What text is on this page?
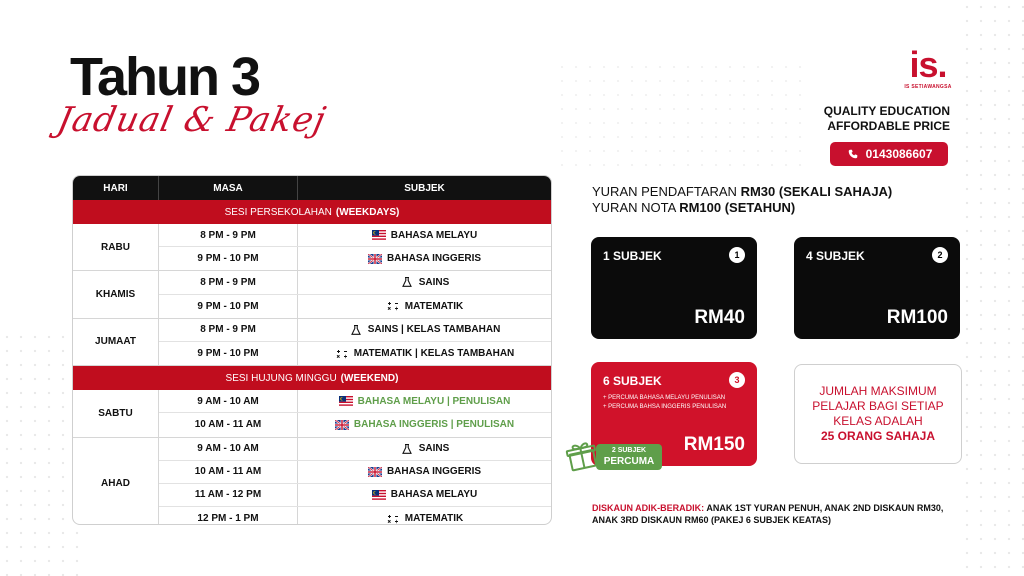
Tahun 3
Jadual & Pakej
is.
IS SETIAWANGSA
QUALITY EDUCATION
AFFORDABLE PRICE
0143086607
HARI	MASA	SUBJEK
SESI PERSEKOLAHAN (WEEKDAYS)
RABU
8 PM - 9 PM	BAHASA MELAYU
9 PM - 10 PM	BAHASA INGGERIS
KHAMIS
8 PM - 9 PM	SAINS
9 PM - 10 PM	MATEMATIK
JUMAAT
8 PM - 9 PM	SAINS | KELAS TAMBAHAN
9 PM - 10 PM	MATEMATIK | KELAS TAMBAHAN
SESI HUJUNG MINGGU (WEEKEND)
SABTU
9 AM - 10 AM	BAHASA MELAYU | PENULISAN
10 AM - 11 AM	BAHASA INGGERIS | PENULISAN
AHAD
9 AM - 10 AM	SAINS
10 AM - 11 AM	BAHASA INGGERIS
11 AM - 12 PM	BAHASA MELAYU
12 PM - 1 PM	MATEMATIK
YURAN PENDAFTARAN RM30 (SEKALI SAHAJA)
YURAN NOTA RM100 (SETAHUN)
1 SUBJEK	1
RM40
4 SUBJEK	2
RM100
6 SUBJEK	3
+ PERCUMA BAHASA MELAYU PENULISAN
+ PERCUMA BAHSA INGGERIS PENULISAN
RM150
2 SUBJEK
PERCUMA
JUMLAH MAKSIMUM
PELAJAR BAGI SETIAP
KELAS ADALAH
25 ORANG SAHAJA
DISKAUN ADIK-BERADIK: ANAK 1ST YURAN PENUH, ANAK 2ND DISKAUN RM30, ANAK 3RD DISKAUN RM60 (PAKEJ 6 SUBJEK KEATAS)
